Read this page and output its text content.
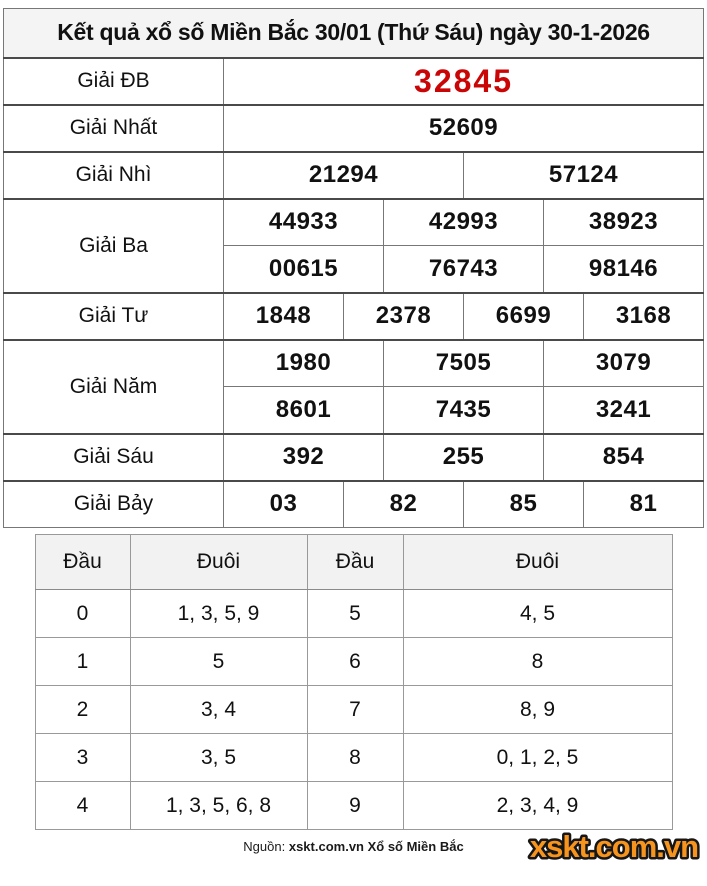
Kết quả xổ số Miền Bắc 30/01 (Thứ Sáu) ngày 30-1-2026						
Giải ĐB	32845					
Giải Nhất	52609					
Giải Nhì	21294			57124		
Giải Ba	44933		42993		38923	
	00615		76743		98146	
Giải Tư	1848	2378		6699		3168
Giải Năm	1980		7505		3079	
	8601		7435		3241	
Giải Sáu	392		255		854	
Giải Bảy	03	82		85		81
Đầu	Đuôi	Đầu	Đuôi
0	1, 3, 5, 9	5	4, 5
1	5	6	8
2	3, 4	7	8, 9
3	3, 5	8	0, 1, 2, 5
4	1, 3, 5, 6, 8	9	2, 3, 4, 9
Nguồn: xskt.com.vn Xổ số Miền Bắc	xskt.com.vn
